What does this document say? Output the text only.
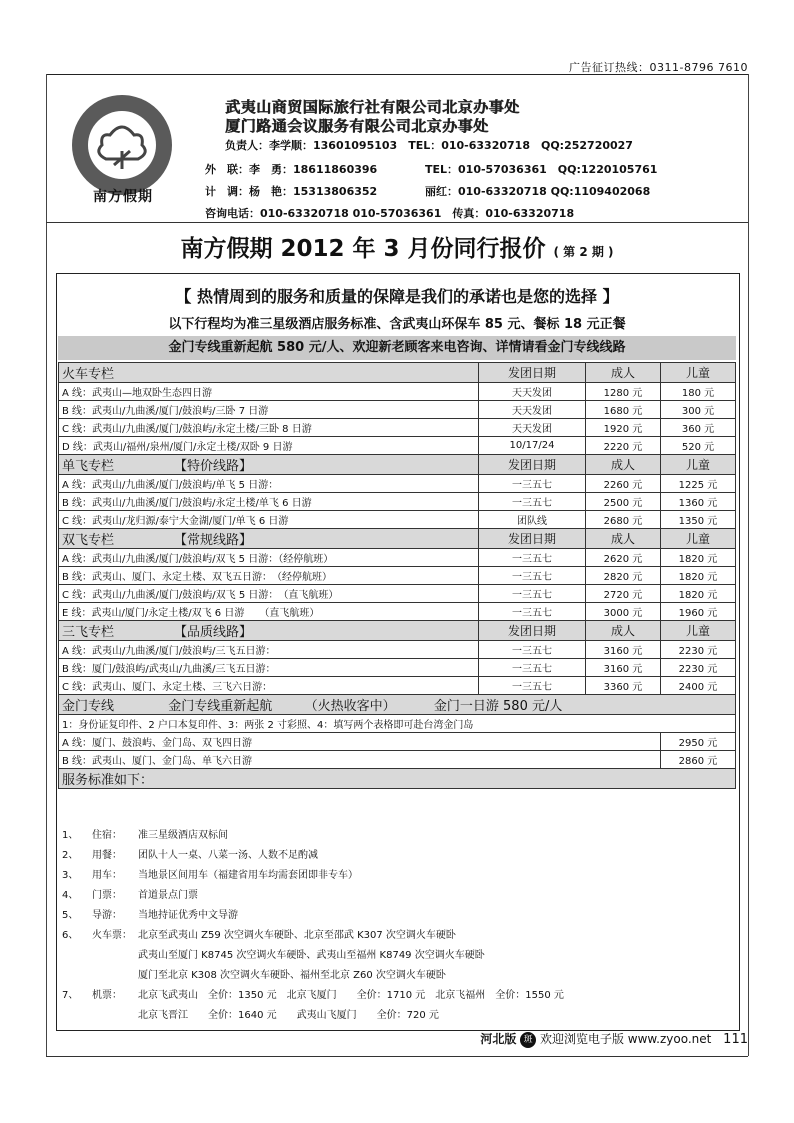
广告征订热线：0311-8796 7610
南方假期
武夷山商贸国际旅行社有限公司北京办事处
厦门路通会议服务有限公司北京办事处
负责人：李学顺：13601095103　TEL：010-63320718　QQ:252720027
外　联：李　勇：18611860396	TEL：010-57036361　QQ:1220105761
计　调：杨　艳：15313806352	丽红：010-63320718 QQ:1109402068
咨询电话：010-63320718 010-57036361　传真：010-63320718
南方假期 2012 年 3 月份同行报价 ( 第 2 期 )
【 热情周到的服务和质量的保障是我们的承诺也是您的选择 】
以下行程均为准三星级酒店服务标准、含武夷山环保车 85 元、餐标 18 元正餐
金门专线重新起航 580 元/人、欢迎新老顾客来电咨询、详情请看金门专线线路
火车专栏	发团日期	成人	儿童
A 线：武夷山—地双卧生态四日游	天天发团	1280 元	180 元
B 线：武夷山/九曲溪/厦门/鼓浪屿/三卧 7 日游	天天发团	1680 元	300 元
C 线：武夷山/九曲溪/厦门/鼓浪屿/永定土楼/三卧 8 日游	天天发团	1920 元	360 元
D 线：武夷山/福州/泉州/厦门/永定土楼/双卧 9 日游	10/17/24	2220 元	520 元
单飞专栏 【特价线路】	发团日期	成人	儿童
A 线：武夷山/九曲溪/厦门/鼓浪屿/单飞 5 日游：	一三五七	2260 元	1225 元
B 线：武夷山/九曲溪/厦门/鼓浪屿/永定土楼/单飞 6 日游	一三五七	2500 元	1360 元
C 线：武夷山/龙归源/泰宁大金湖/厦门/单飞 6 日游	团队线	2680 元	1350 元
双飞专栏 【常规线路】	发团日期	成人	儿童
A 线：武夷山/九曲溪/厦门/鼓浪屿/双飞 5 日游：（经停航班）	一三五七	2620 元	1820 元
B 线：武夷山、厦门、永定土楼、双飞五日游：　（经停航班）	一三五七	2820 元	1820 元
C 线：武夷山/九曲溪/厦门/鼓浪屿/双飞 5 日游：　（直飞航班）	一三五七	2720 元	1820 元
E 线：武夷山/厦门/永定土楼/双飞 6 日游　　（直飞航班）	一三五七	3000 元	1960 元
三飞专栏 【品质线路】	发团日期	成人	儿童
A 线：武夷山/九曲溪/厦门/鼓浪屿/三飞五日游：	一三五七	3160 元	2230 元
B 线：厦门/鼓浪屿/武夷山/九曲溪/三飞五日游：	一三五七	3160 元	2230 元
C 线：武夷山、厦门、永定土楼、三飞六日游：	一三五七	3360 元	2400 元
金门专线 金门专线重新起航 （火热收客中） 金门一日游 580 元/人			
1：身份证复印件、2 户口本复印件、3：两张 2 寸彩照、4：填写两个表格即可赴台湾金门岛			
A 线：厦门、鼓浪屿、金门岛、双飞四日游			2950 元
B 线：武夷山、厦门、金门岛、单飞六日游			2860 元
服务标准如下：			
1、 住宿： 准三星级酒店双标间
2、 用餐： 团队十人一桌、八菜一汤、人数不足酌减
3、 用车： 当地景区间用车（福建省用车均需套团即非专车）
4、 门票： 首道景点门票
5、 导游： 当地持证优秀中文导游
6、 火车票： 北京至武夷山 Z59 次空调火车硬卧、北京至邵武 K307 次空调火车硬卧
武夷山至厦门 K8745 次空调火车硬卧、武夷山至福州 K8749 次空调火车硬卧
厦门至北京 K308 次空调火车硬卧、福州至北京 Z60 次空调火车硬卧
7、 机票： 北京飞武夷山　全价：1350 元　北京飞厦门　　全价：1710 元　北京飞福州　全价：1550 元
北京飞晋江　　全价：1640 元　　武夷山飞厦门　　全价：720 元
河北版 斑 欢迎浏览电子版 www.zyoo.net 111
